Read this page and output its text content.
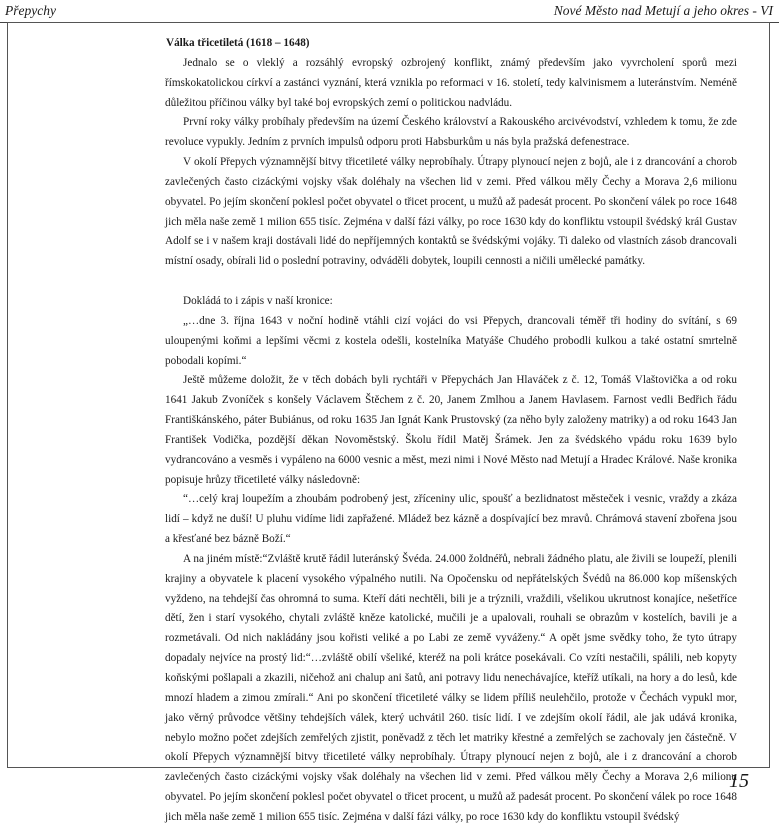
Přepychy	Nové Město nad Metují a jeho okres - VI

Válka třicetiletá (1618 – 1648)

Jednalo se o vleklý a rozsáhlý evropský ozbrojený konflikt, známý především jako vyvrcholení sporů mezi římskokatolickou církví a zastánci vyznání, která vznikla po reformaci v 16. století, tedy kalvinismem a luteránstvím. Neméně důležitou příčinou války byl také boj evropských zemí o politickou nadvládu.

První roky války probíhaly především na území Českého království a Rakouského arcivévodství, vzhledem k tomu, že zde revoluce vypukly. Jedním z prvních impulsů odporu proti Habsburkům u nás byla pražská defenestrace.

V okolí Přepych významnější bitvy třicetileté války neprobíhaly. Útrapy plynoucí nejen z bojů, ale i z drancování a chorob zavlečených často cizáckými vojsky však doléhaly na všechen lid v zemi. Před válkou měly Čechy a Morava 2,6 milionu obyvatel. Po jejím skončení poklesl počet obyvatel o třicet procent, u mužů až padesát procent. Po skončení válek po roce 1648 jich měla naše země 1 milion 655 tisíc. Zejména v další fázi války, po roce 1630 kdy do konfliktu vstoupil švédský král Gustav Adolf se i v našem kraji dostávali lidé do nepříjemných kontaktů se švédskými vojáky. Ti daleko od vlastních zásob drancovali místní osady, obírali lid o poslední potraviny, odváděli dobytek, loupili cennosti a ničili umělecké památky.

Dokládá to i zápis v naší kronice:

„…dne 3. října 1643 v noční hodině vtáhli cizí vojáci do vsi Přepych, drancovali téměř tři hodiny do svítání, s 69 uloupenými koňmi a lepšími věcmi z kostela odešli, kostelníka Matyáše Chudého probodli kulkou a také ostatní smrtelně pobodali kopími.“

Ještě můžeme doložit, že v těch dobách byli rychtáři v Přepychách Jan Hlaváček z č. 12, Tomáš Vlaštovička a od roku 1641 Jakub Zvoníček s konšely Václavem Štěchem z č. 20, Janem Zmlhou a Janem Havlasem. Farnost vedli Bedřich řádu Františkánského, páter Bubiánus, od roku 1635 Jan Ignát Kank Prustovský (za něho byly založeny matriky) a od roku 1643 Jan František Vodička, pozdější děkan Novoměstský. Školu řídil Matěj Šrámek. Jen za švédského vpádu roku 1639 bylo vydrancováno a vesměs i vypáleno na 6000 vesnic a měst, mezi nimi i Nové Město nad Metují a Hradec Králové. Naše kronika popisuje hrůzy třicetileté války následovně:

“…celý kraj loupežím a zhoubám podrobený jest, zříceniny ulic, spoušť a bezlidnatost městeček i vesnic, vraždy a zkáza lidí – když ne duší! U pluhu vidíme lidi zapřažené. Mládež bez kázně a dospívající bez mravů. Chrámová stavení zbořena jsou a křesťané bez bázně Boží.“

A na jiném místě:“Zvláště krutě řádil luteránský Švéda. 24.000 žoldnéřů, nebrali žádného platu, ale živili se loupeží, plenili krajiny a obyvatele k placení vysokého výpalného nutili. Na Opočensku od nepřátelských Švédů na 86.000 kop míšenských vyždeno, na tehdejší čas ohromná to suma. Kteří dáti nechtěli, bili je a trýznili, vraždili, všelikou ukrutnost konajíce, nešetříce dětí, žen i starí vysokého, chytali zvláště kněze katolické, mučili je a upalovali, rouhali se obrazům v kostelích, bavili je a rozmetávali. Od nich nakládány jsou kořisti veliké a po Labi ze země vyváženy.“ A opět jsme svědky toho, že tyto útrapy dopadaly nejvíce na prostý lid:“…zvláště obilí všeliké, kteréž na poli krátce posekávali. Co vzíti nestačili, spálili, neb kopyty koňskými pošlapali a zkazili, ničehož ani chalup ani šatů, ani potravy lidu nenechávajíce, kteříž utíkali, na hory a do lesů, kde mnozí hladem a zimou zmírali.“ Ani po skončení třicetileté války se lidem příliš neulehčilo, protože v Čechách vypukl mor, jako věrný průvodce většiny tehdejších válek, který uchvátil 260. tisíc lidí. I ve zdejším okolí řádil, ale jak udává kronika, nebylo možno počet zdejších zemřelých zjistit, poněvadž z těch let matriky křestné a zemřelých se zachovaly jen částečně. V okolí Přepych významnější bitvy třicetileté války neprobíhaly. Útrapy plynoucí nejen z bojů, ale i z drancování a chorob zavlečených často cizáckými vojsky však doléhaly na všechen lid v zemi. Před válkou měly Čechy a Morava 2,6 milionu obyvatel. Po jejím skončení poklesl počet obyvatel o třicet procent, u mužů až padesát procent. Po skončení válek po roce 1648 jich měla naše země 1 milion 655 tisíc. Zejména v další fázi války, po roce 1630 kdy do konfliktu vstoupil švédský

15
